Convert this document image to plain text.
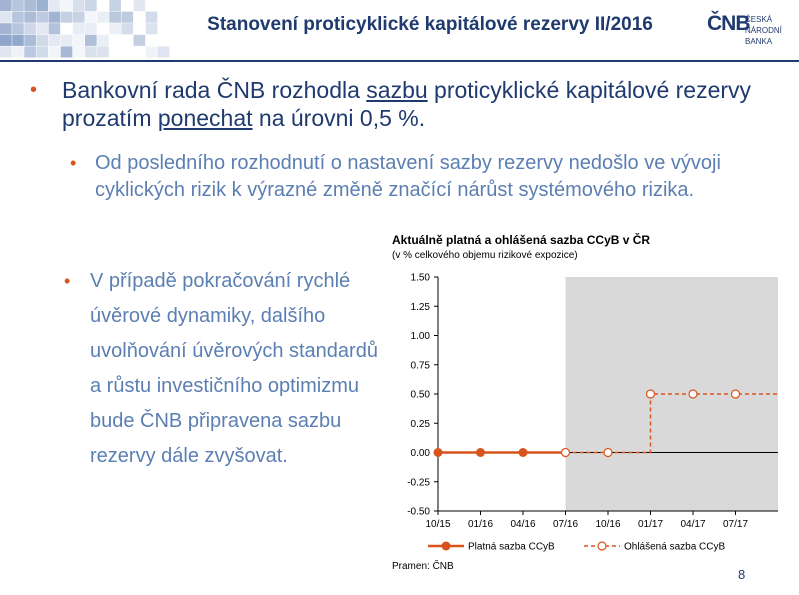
Stanovení proticyklické kapitálové rezervy II/2016	ČNB
ČESKÁ
NÁRODNÍ BANKA
• Bankovní rada ČNB rozhodla sazbu proticyklické kapitálové rezervy prozatím ponechat na úrovni 0,5 %.
• Od posledního rozhodnutí o nastavení sazby rezervy nedošlo ve vývoji cyklických rizik k výrazné změně značící nárůst systémového rizika.
• V případě pokračování rychlé úvěrové dynamiky, dalšího uvolňování úvěrových standardů a růstu investičního optimizmu bude ČNB připravena sazbu rezervy dále zvyšovat.
Aktuálně platná a ohlášená sazba CCyB v ČR
(v % celkového objemu rizikové expozice)
1.50
1.25
1.00
0.75
0.50
0.25
0.00
-0.25
-0.50
10/15 01/16 04/16 07/16 10/16 01/17 04/17 07/17
Platná sazba CCyB	Ohlášená sazba CCyB
Pramen: ČNB
8
